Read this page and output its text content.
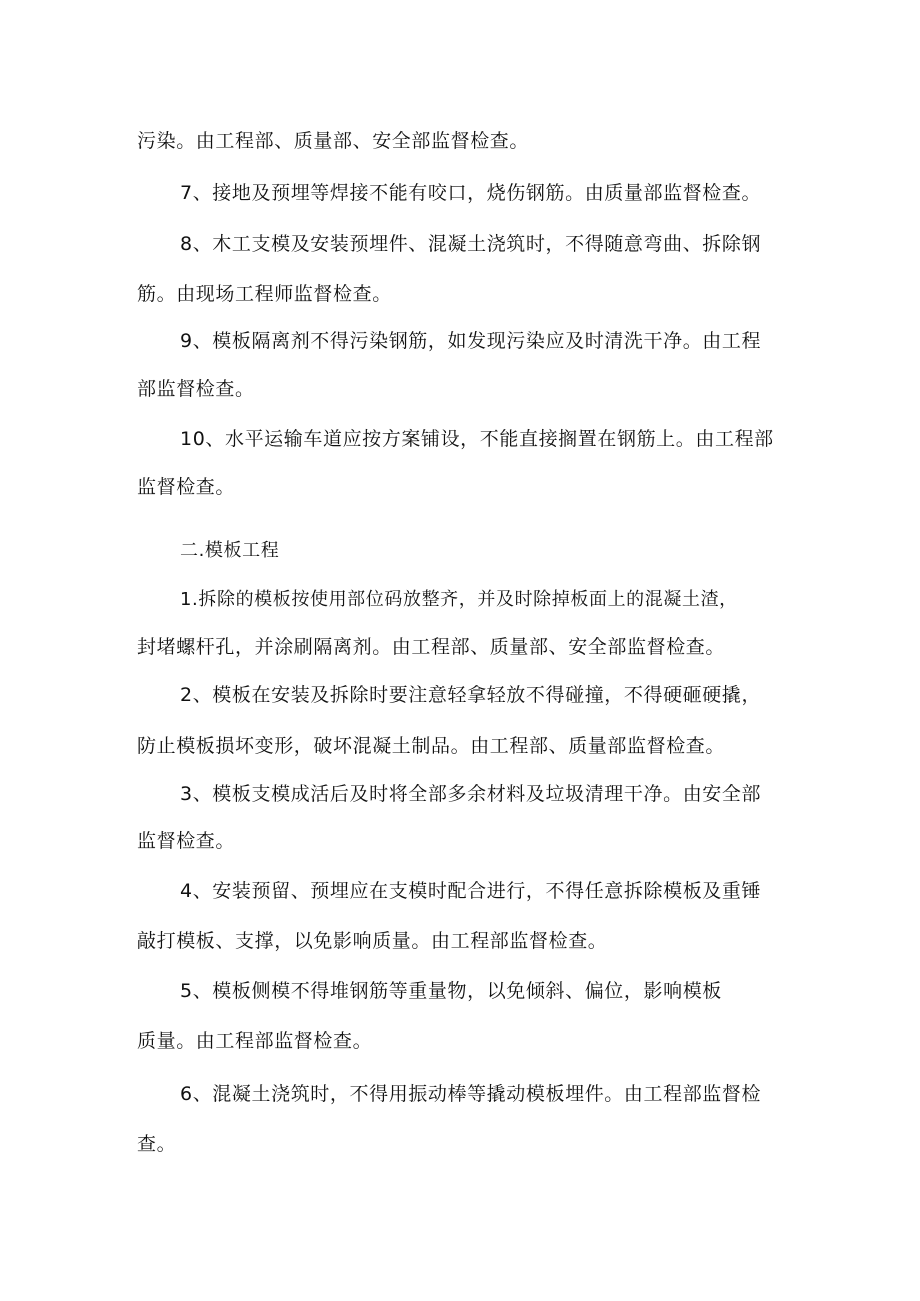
污染。由工程部、质量部、安全部监督检查。
7、接地及预埋等焊接不能有咬口，烧伤钢筋。由质量部监督检查。
8、木工支模及安装预埋件、混凝土浇筑时，不得随意弯曲、拆除钢
筋。由现场工程师监督检查。
9、模板隔离剂不得污染钢筋，如发现污染应及时清洗干净。由工程
部监督检查。
10、水平运输车道应按方案铺设，不能直接搁置在钢筋上。由工程部
监督检查。
二.模板工程
1.拆除的模板按使用部位码放整齐，并及时除掉板面上的混凝土渣，
封堵螺杆孔，并涂刷隔离剂。由工程部、质量部、安全部监督检查。
2、模板在安装及拆除时要注意轻拿轻放不得碰撞，不得硬砸硬撬，
防止模板损坏变形，破坏混凝土制品。由工程部、质量部监督检查。
3、模板支模成活后及时将全部多余材料及垃圾清理干净。由安全部
监督检查。
4、安装预留、预埋应在支模时配合进行，不得任意拆除模板及重锤
敲打模板、支撑，以免影响质量。由工程部监督检查。
5、模板侧模不得堆钢筋等重量物，以免倾斜、偏位，影响模板
质量。由工程部监督检查。
6、混凝土浇筑时，不得用振动棒等撬动模板埋件。由工程部监督检
查。
